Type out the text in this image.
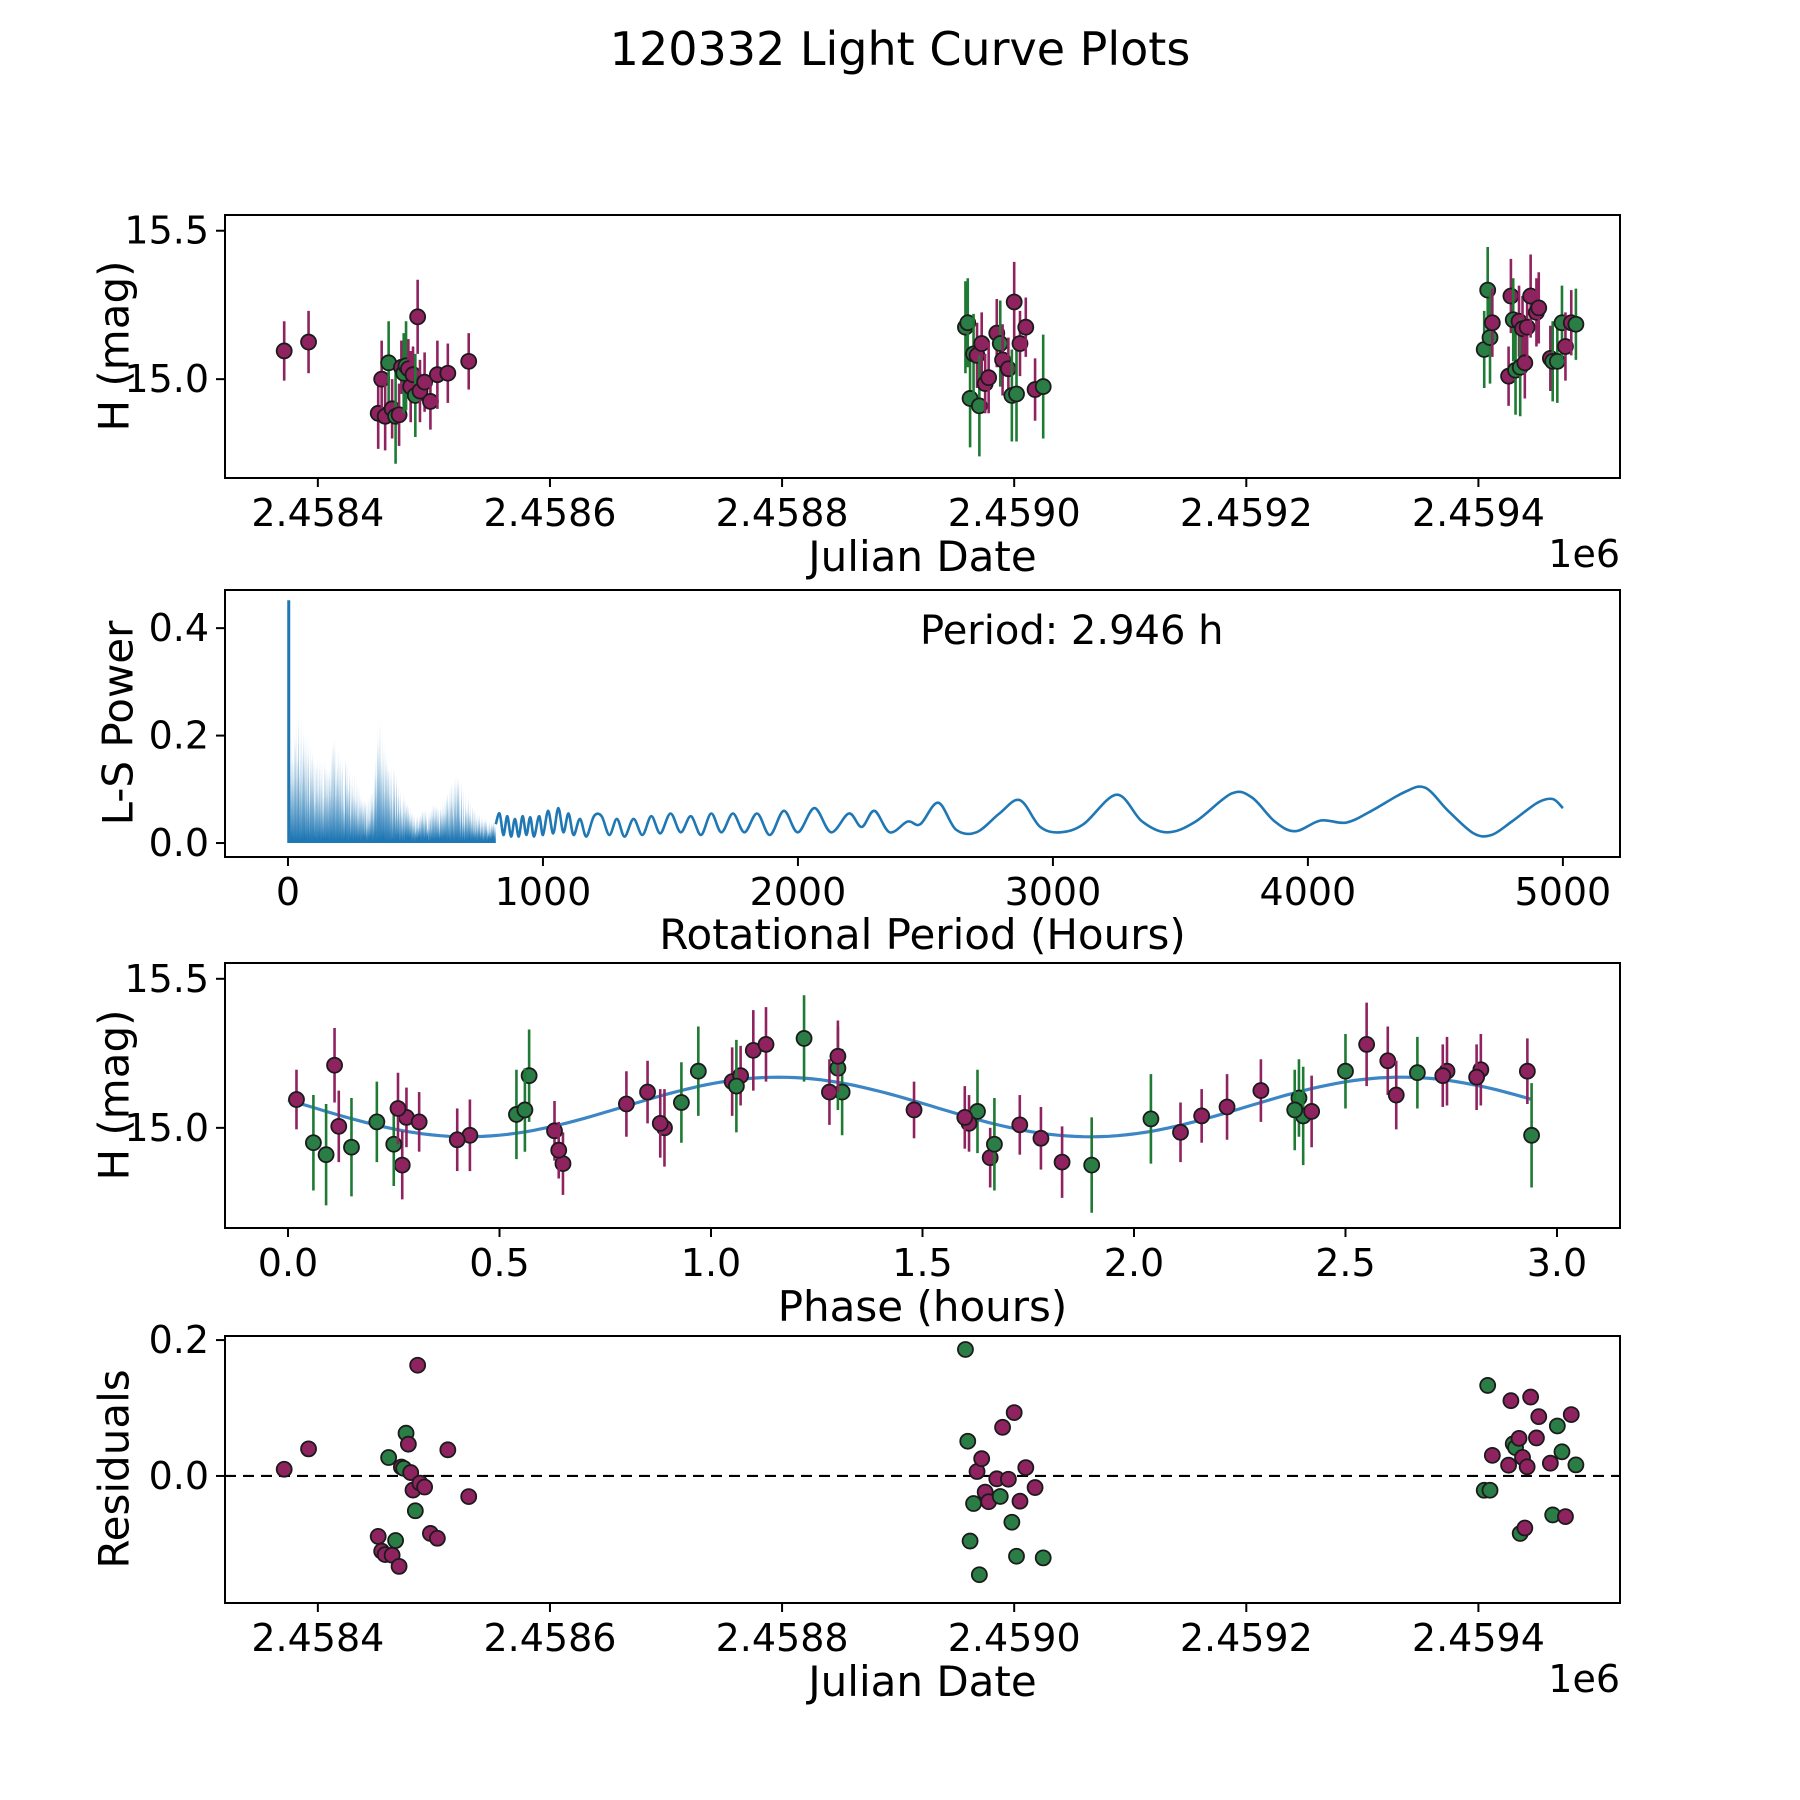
2.4584	2.4586	2.4588	2.4590	2.4592	2.4594
15.5
15.0
0	1000	2000	3000	4000	5000
0.4
0.2
0.0
0.0	0.5	1.0	1.5	2.0	2.5	3.0
15.5
15.0
2.4584	2.4586	2.4588	2.4590	2.4592	2.4594
0.2
0.0
120332 Light Curve Plots
H (mag)
Julian Date	1e6
L-S Power
Rotational Period (Hours)
Period: 2.946 h
H (mag)
Phase (hours)
Residuals
Julian Date	1e6
